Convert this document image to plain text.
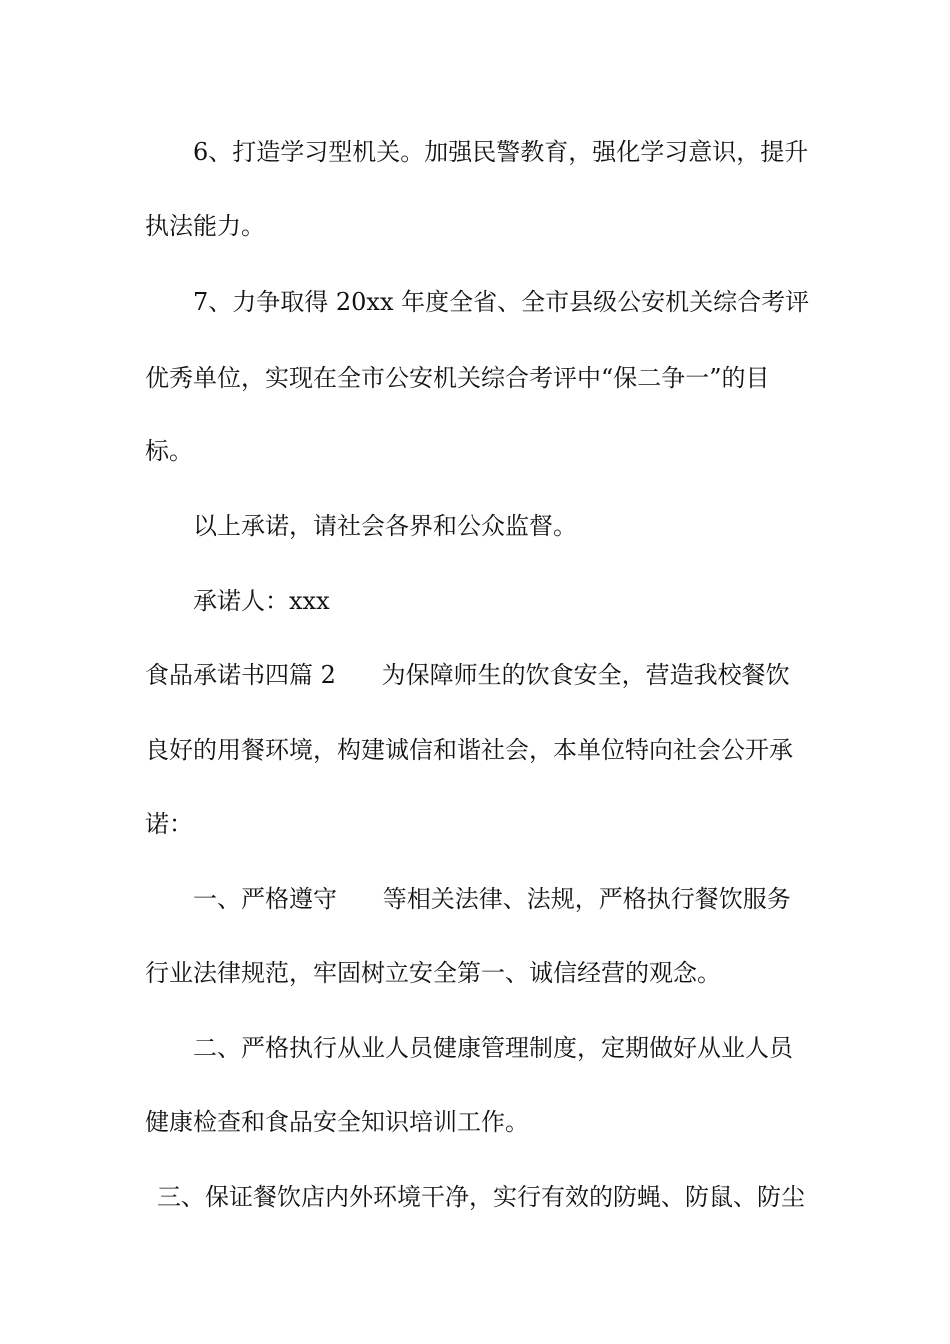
6、打造学习型机关。加强民警教育，强化学习意识，提升
执法能力。
7、力争取得 20xx 年度全省、全市县级公安机关综合考评
优秀单位，实现在全市公安机关综合考评中“保二争一”的目
标。
以上承诺，请社会各界和公众监督。
承诺人：xxx
食品承诺书四篇 2      为保障师生的饮食安全，营造我校餐饮
良好的用餐环境，构建诚信和谐社会，本单位特向社会公开承
诺：
一、严格遵守      等相关法律、法规，严格执行餐饮服务
行业法律规范，牢固树立安全第一、诚信经营的观念。
二、严格执行从业人员健康管理制度，定期做好从业人员
健康检查和食品安全知识培训工作。
三、保证餐饮店内外环境干净，实行有效的防蝇、防鼠、防尘
